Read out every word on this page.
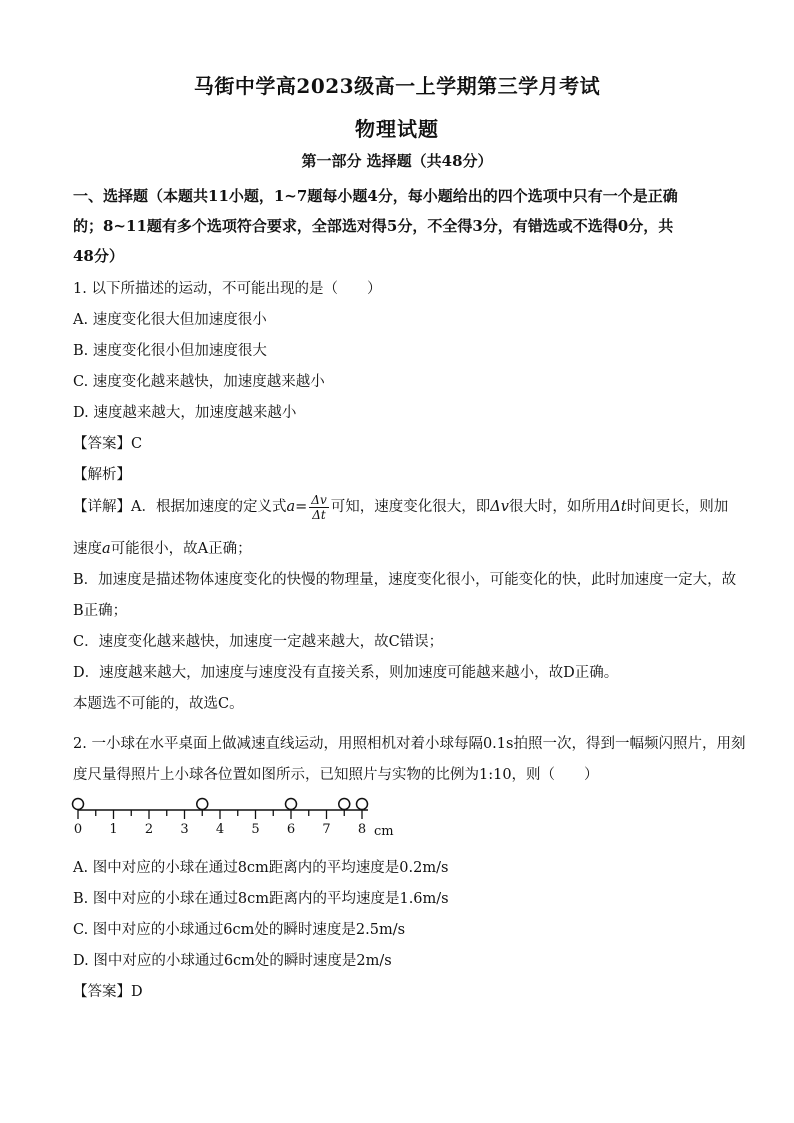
马街中学高2023级高一上学期第三学月考试
物理试题
第一部分 选择题（共48分）
一、选择题（本题共11小题，1~7题每小题4分，每小题给出的四个选项中只有一个是正确
的；8~11题有多个选项符合要求，全部选对得5分，不全得3分，有错选或不选得0分，共
48分）
1. 以下所描述的运动，不可能出现的是（　　）
A. 速度变化很大但加速度很小
B. 速度变化很小但加速度很大
C. 速度变化越来越快，加速度越来越小
D. 速度越来越大，加速度越来越小
【答案】C
【解析】
【详解】A．根据加速度的定义式$a= \frac{\Delta v}{\Delta t}$ 可知，速度变化很大，即Δv很大时，如所用Δt时间更长，则加
速度a可能很小，故A正确；
B．加速度是描述物体速度变化的快慢的物理量，速度变化很小，可能变化的快，此时加速度一定大，故
B正确；
C．速度变化越来越快，加速度一定越来越大，故C错误；
D．速度越来越大，加速度与速度没有直接关系，则加速度可能越来越小，故D正确。
本题选不可能的，故选C。
2. 一小球在水平桌面上做减速直线运动，用照相机对着小球每隔0.1s拍照一次，得到一幅频闪照片，用刻
度尺量得照片上小球各位置如图所示，已知照片与实物的比例为1:10，则（　　）
0 1 2 3 4 5 6 7 8 cm
A. 图中对应的小球在通过8cm距离内的平均速度是0.2m/s
B. 图中对应的小球在通过8cm距离内的平均速度是1.6m/s
C. 图中对应的小球通过6cm处的瞬时速度是2.5m/s
D. 图中对应的小球通过6cm处的瞬时速度是2m/s
【答案】D
